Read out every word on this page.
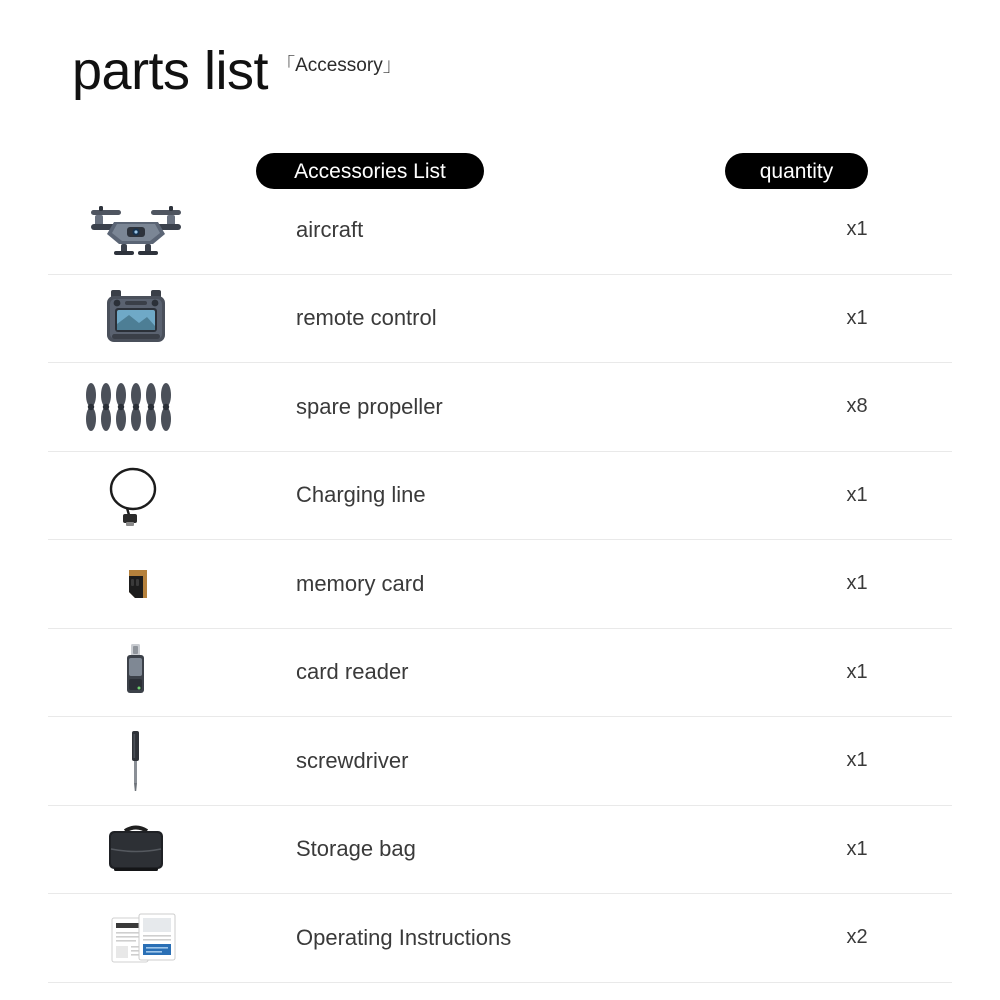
parts list 「Accessory」
Accessories List	quantity
aircraft	x1
remote control	x1
spare propeller	x8
Charging line	x1
memory card	x1
card reader	x1
screwdriver	x1
Storage bag	x1
Operating Instructions	x2
